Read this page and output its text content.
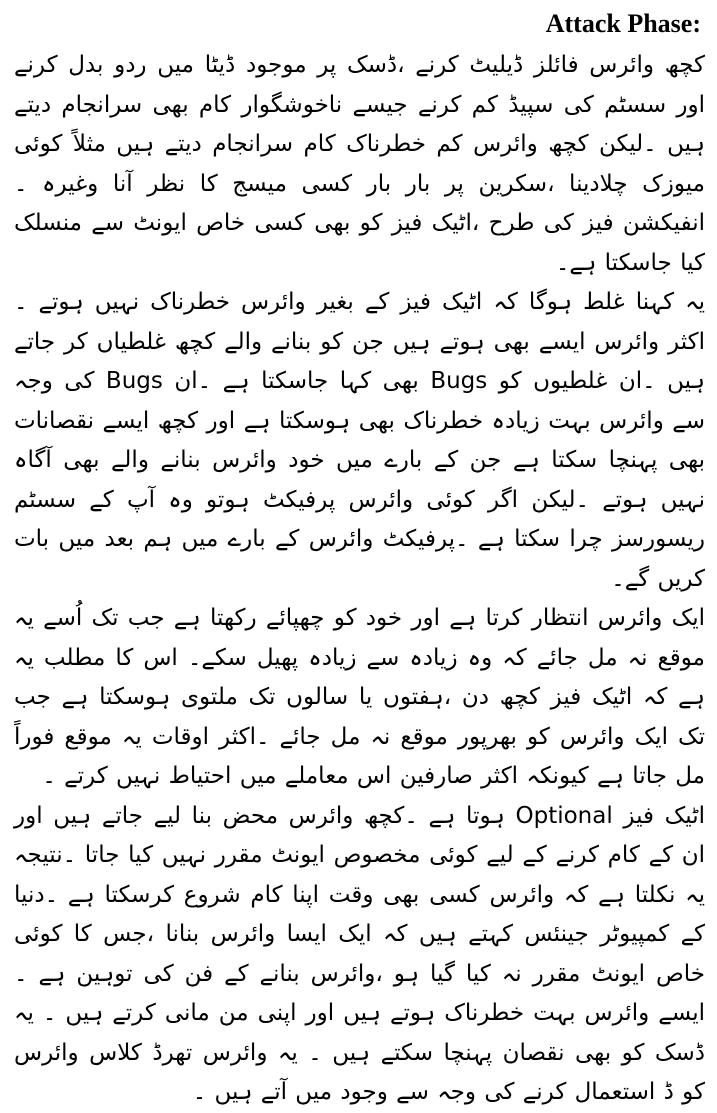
Attack Phase:

کچھ وائرس فائلز ڈیلیٹ کرنے ،ڈسک پر موجود ڈیٹا میں ردو بدل کرنے اور سسٹم کی سپیڈ کم کرنے جیسے ناخوشگوار کام بھی سرانجام دیتے ہیں ۔لیکن کچھ وائرس کم خطرناک کام سرانجام دیتے ہیں مثلاً کوئی میوزک چلادینا ،سکرین پر بار بار کسی میسج کا نظر آنا وغیرہ ۔انفیکشن فیز کی طرح ،اٹیک فیز کو بھی کسی خاص ایونٹ سے منسلک کیا جاسکتا ہے۔

یہ کہنا غلط ہوگا کہ اٹیک فیز کے بغیر وائرس خطرناک نہیں ہوتے ۔اکثر وائرس ایسے بھی ہوتے ہیں جن کو بنانے والے کچھ غلطیاں کر جاتے ہیں ۔ان غلطیوں کو Bugs بھی کہا جاسکتا ہے ۔ان Bugs کی وجہ سے وائرس بہت زیادہ خطرناک بھی ہوسکتا ہے اور کچھ ایسے نقصانات بھی پہنچا سکتا ہے جن کے بارے میں خود وائرس بنانے والے بھی آگاہ نہیں ہوتے ۔لیکن اگر کوئی وائرس پرفیکٹ ہوتو وہ آپ کے سسٹم ریسورسز چرا سکتا ہے ۔پرفیکٹ وائرس کے بارے میں ہم بعد میں بات کریں گے۔

ایک وائرس انتظار کرتا ہے اور خود کو چھپائے رکھتا ہے جب تک اُسے یہ موقع نہ مل جائے کہ وہ زیادہ سے زیادہ پھیل سکے۔ اس کا مطلب یہ ہے کہ اٹیک فیز کچھ دن ،ہفتوں یا سالوں تک ملتوی ہوسکتا ہے جب تک ایک وائرس کو بھرپور موقع نہ مل جائے ۔اکثر اوقات یہ موقع فوراً مل جاتا ہے کیونکہ اکثر صارفین اس معاملے میں احتیاط نہیں کرتے ۔

اٹیک فیز Optional ہوتا ہے ۔کچھ وائرس محض بنا لیے جاتے ہیں اور ان کے کام کرنے کے لیے کوئی مخصوص ایونٹ مقرر نہیں کیا جاتا ۔نتیجہ یہ نکلتا ہے کہ وائرس کسی بھی وقت اپنا کام شروع کرسکتا ہے ۔دنیا کے کمپیوٹر جینئس کہتے ہیں کہ ایک ایسا وائرس بنانا ،جس کا کوئی خاص ایونٹ مقرر نہ کیا گیا ہو ،وائرس بنانے کے فن کی توہین ہے ۔ایسے وائرس بہت خطرناک ہوتے ہیں اور اپنی من مانی کرتے ہیں ۔ یہ ڈسک کو بھی نقصان پہنچا سکتے ہیں ۔ یہ وائرس تھرڈ کلاس وائرس کو ڈ استعمال کرنے کی وجہ سے وجود میں آتے ہیں ۔
